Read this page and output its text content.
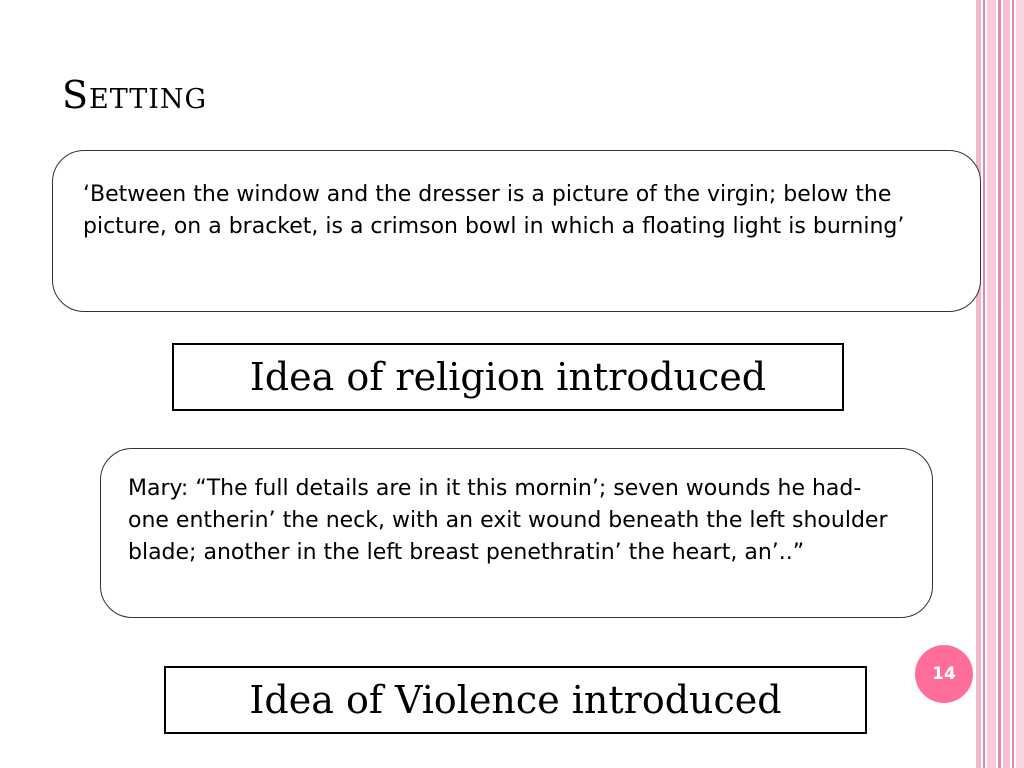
Setting
‘Between the window and the dresser is a picture of the virgin; below the picture, on a bracket, is a crimson bowl in which a floating light is burning’
Idea of religion introduced
Mary: “The full details are in it this mornin’; seven wounds he had-one entherin’ the neck, with an exit wound beneath the left shoulder blade; another in the left breast penethratin’ the heart, an’..”
Idea of Violence introduced
14
